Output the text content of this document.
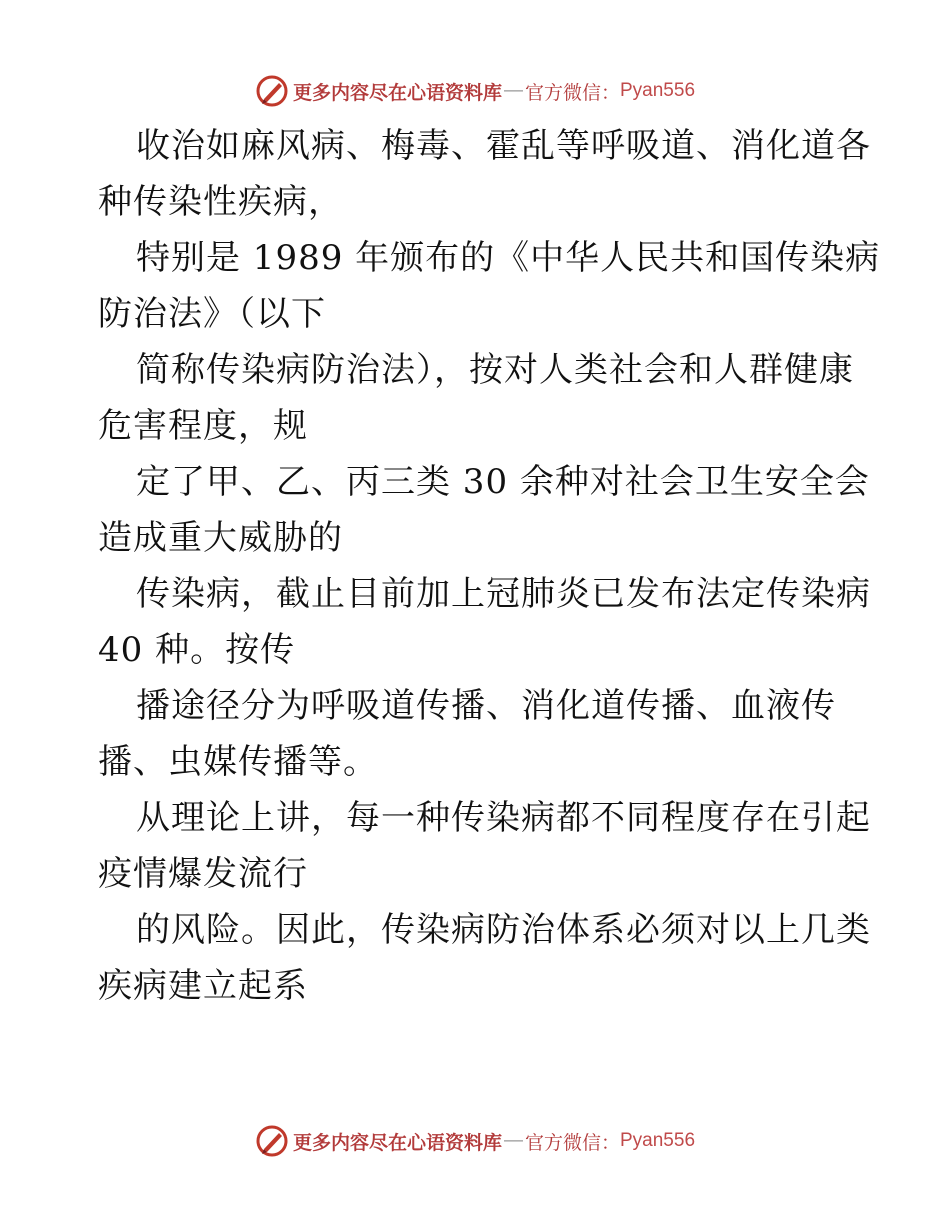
更多内容尽在心语资料库 — 官方微信： Pyan556
收治如麻风病、梅毒、霍乱等呼吸道、消化道各
种传染性疾病，
特别是 1989 年颁布的《中华人民共和国传染病
防治法》（以下
简称传染病防治法），按对人类社会和人群健康
危害程度，规
定了甲、乙、丙三类 30 余种对社会卫生安全会
造成重大威胁的
传染病，截止目前加上冠肺炎已发布法定传染病
40 种。按传
播途径分为呼吸道传播、消化道传播、血液传
播、虫媒传播等。
从理论上讲，每一种传染病都不同程度存在引起
疫情爆发流行
的风险。因此，传染病防治体系必须对以上几类
疾病建立起系
更多内容尽在心语资料库 — 官方微信： Pyan556
